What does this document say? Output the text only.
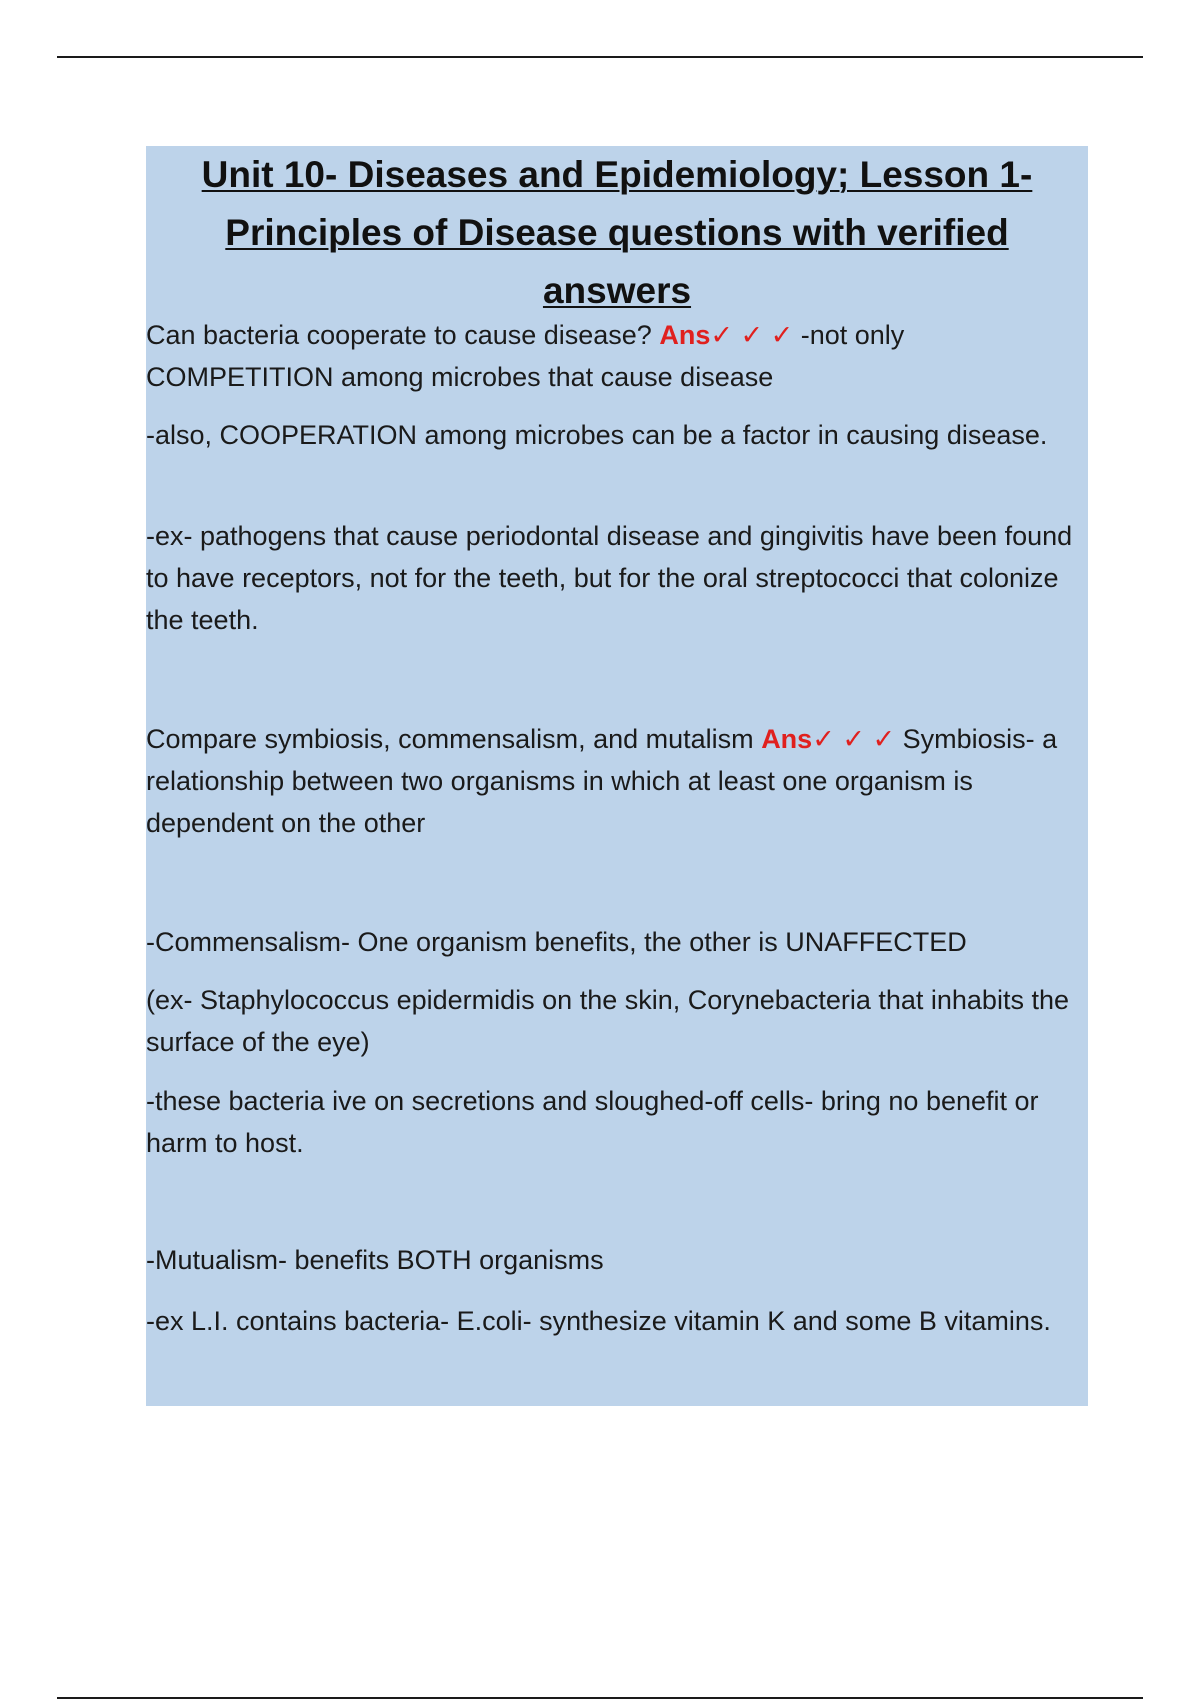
Unit 10- Diseases and Epidemiology; Lesson 1-
Principles of Disease questions with verified
answers

Can bacteria cooperate to cause disease? Ans✓ ✓ ✓ -not only COMPETITION among microbes that cause disease

-also, COOPERATION among microbes can be a factor in causing disease.

-ex- pathogens that cause periodontal disease and gingivitis have been found to have receptors, not for the teeth, but for the oral streptococci that colonize the teeth.

Compare symbiosis, commensalism, and mutalism Ans✓ ✓ ✓ Symbiosis- a relationship between two organisms in which at least one organism is dependent on the other

-Commensalism- One organism benefits, the other is UNAFFECTED

(ex- Staphylococcus epidermidis on the skin, Corynebacteria that inhabits the surface of the eye)

-these bacteria ive on secretions and sloughed-off cells- bring no benefit or harm to host.

-Mutualism- benefits BOTH organisms

-ex L.I. contains bacteria- E.coli- synthesize vitamin K and some B vitamins.
